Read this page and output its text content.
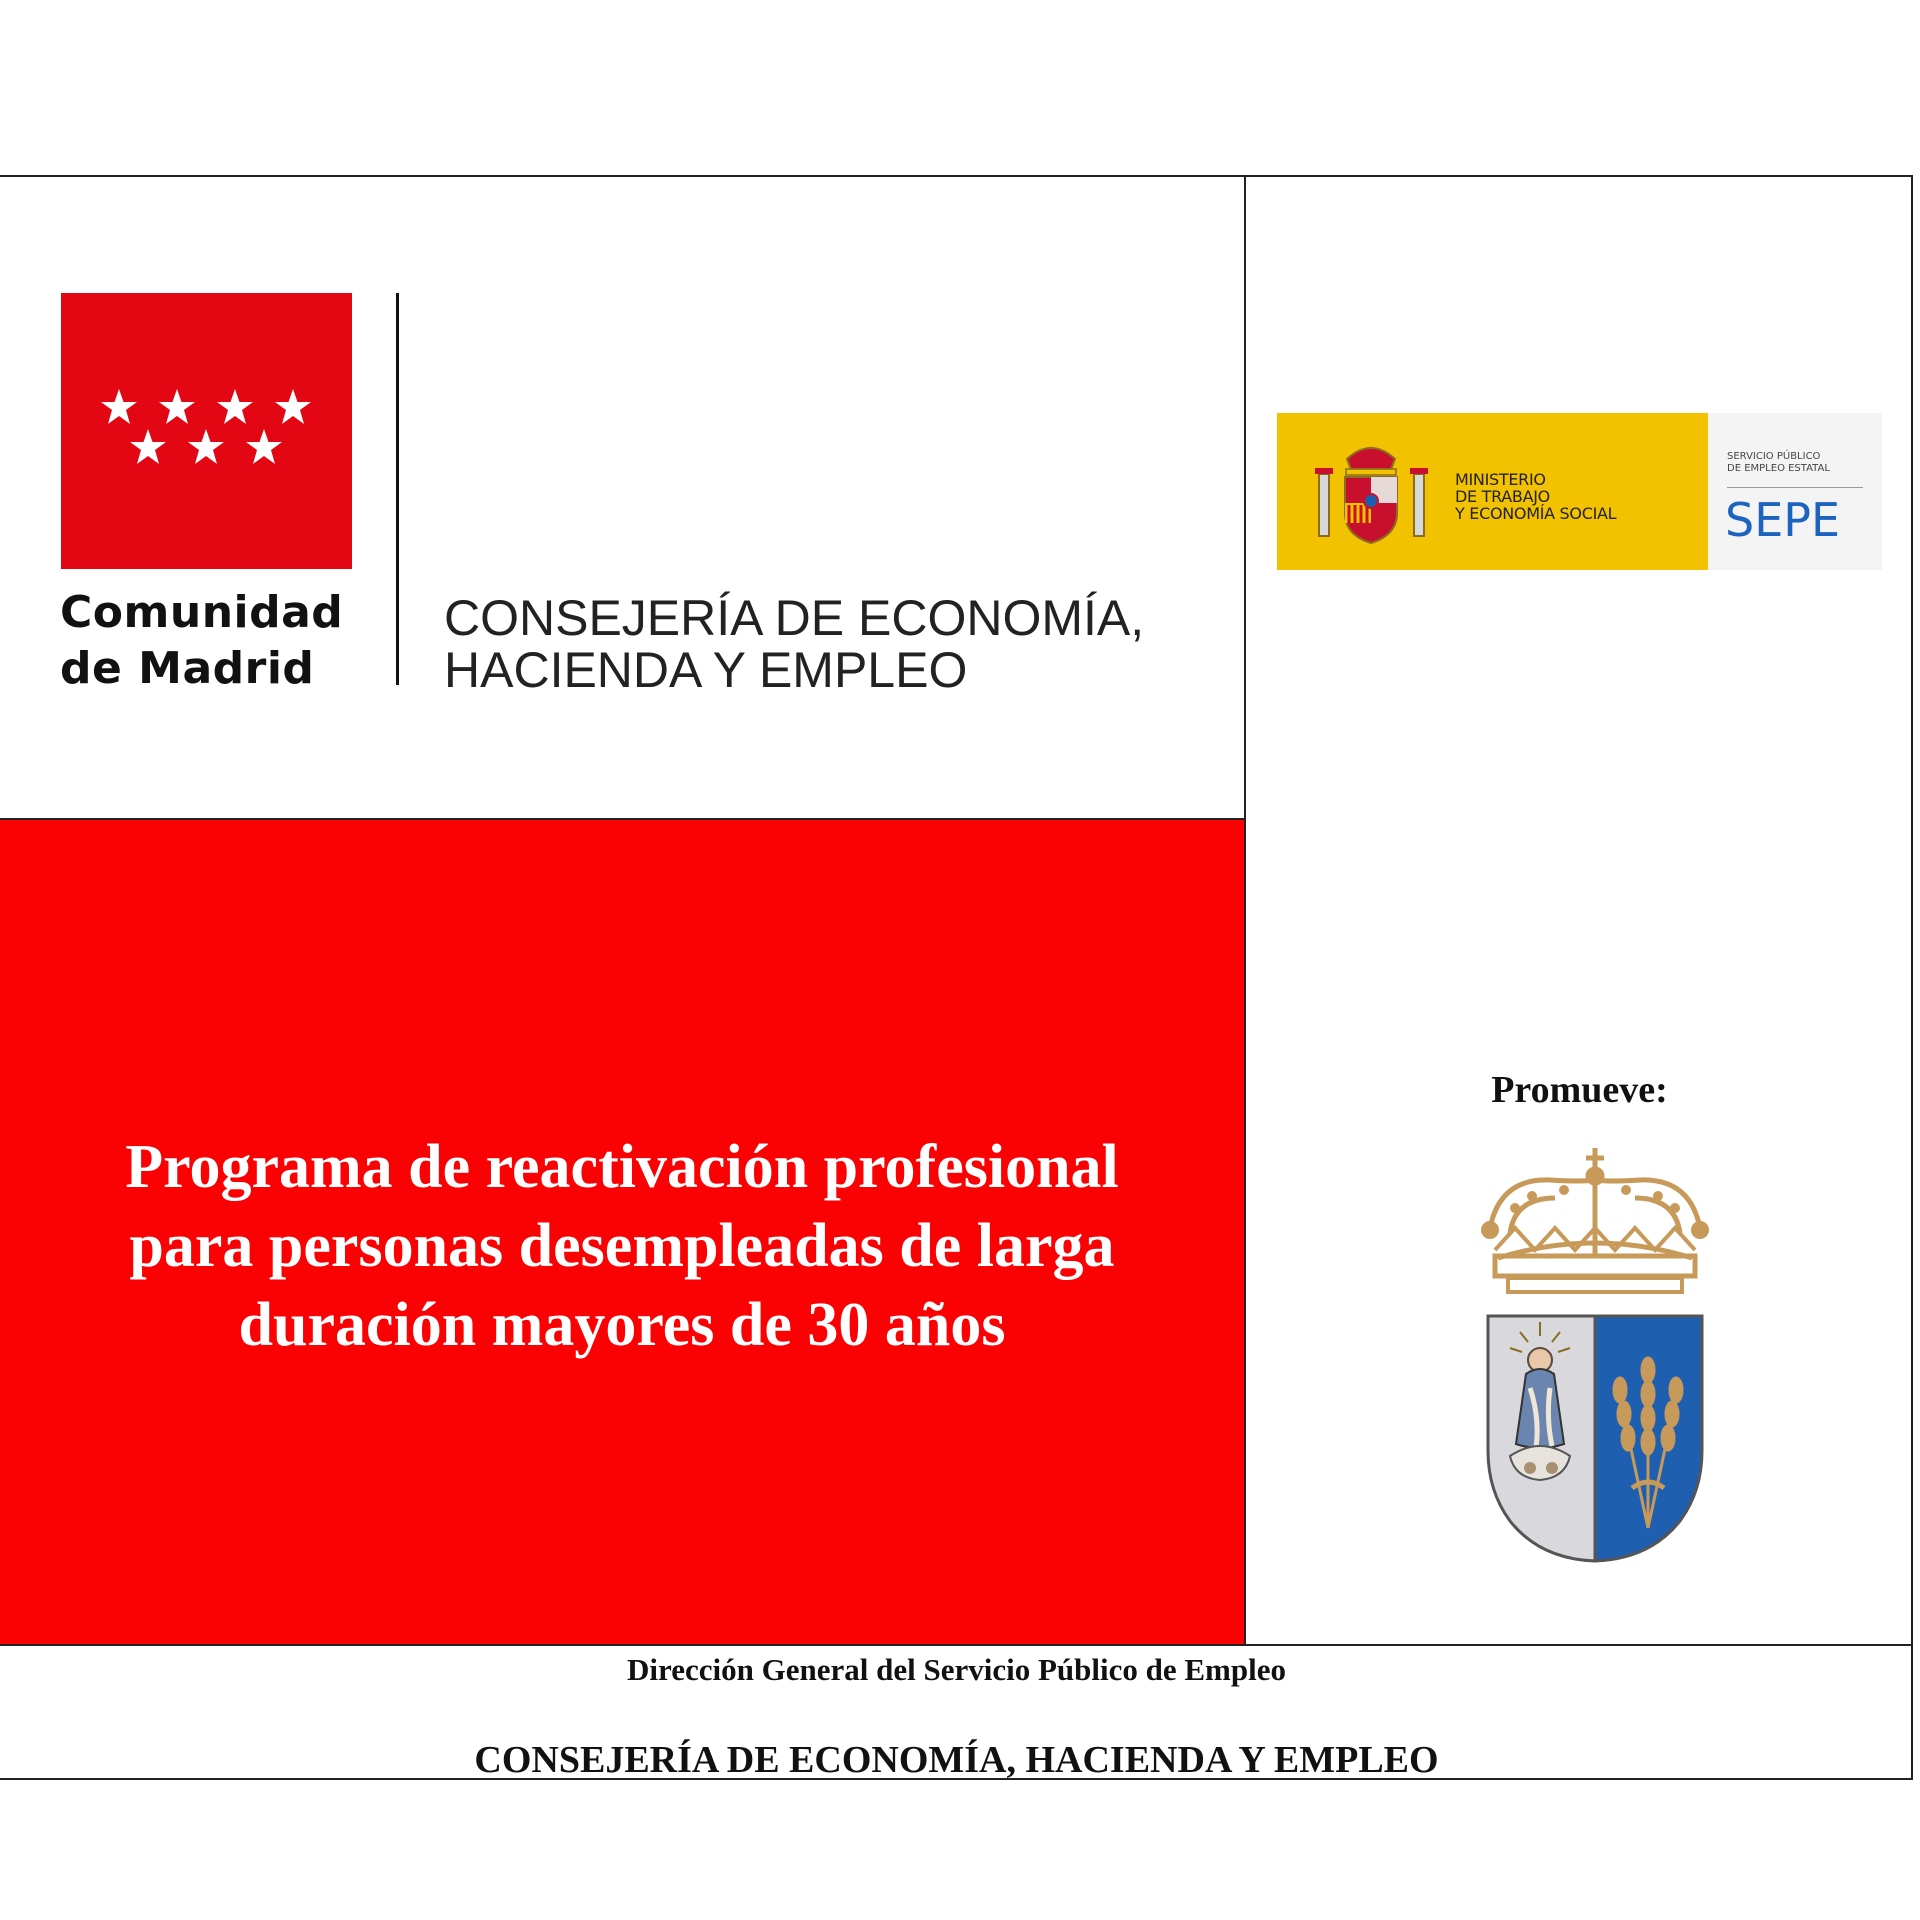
Comunidad
de Madrid
CONSEJERÍA DE ECONOMÍA,
HACIENDA Y EMPLEO
Programa de reactivación profesional
para personas desempleadas de larga
duración mayores de 30 años
MINISTERIO
DE TRABAJO
Y ECONOMÍA SOCIAL
SERVICIO PÚBLICO
DE EMPLEO ESTATAL
SEPE
Promueve:
Dirección General del Servicio Público de Empleo
CONSEJERÍA DE ECONOMÍA, HACIENDA Y EMPLEO
